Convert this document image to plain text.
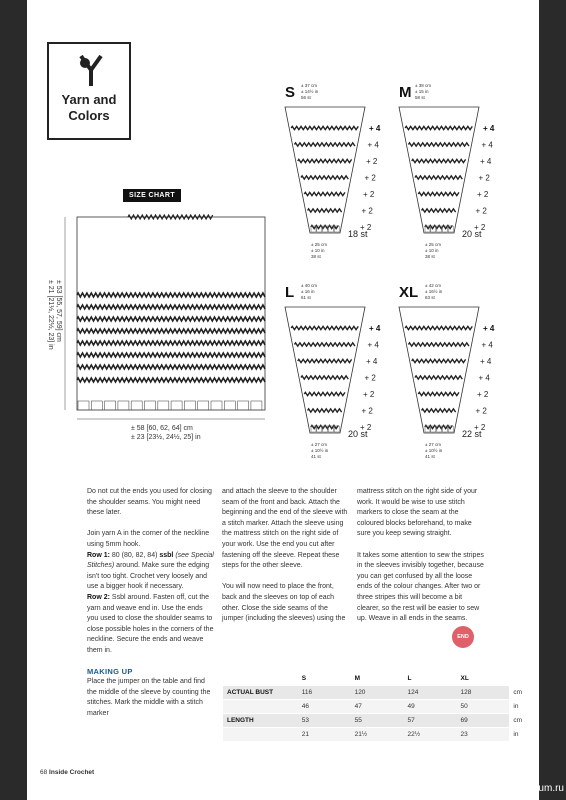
Yarn and
Colors
SIZE CHART
± 58 [60, 62, 64] cm
± 23 [23½, 24½, 25] in
± 53 [55, 57, 59] cm
± 21 [21½, 22½, 23] in
S ± 37 cm
± 14½ in
56 st
+ 4
+ 4
+ 2
+ 2
+ 2
+ 2
+ 2
18 st
± 25 cm
± 10 in
38 st
M ± 38 cm
± 15 in
58 st
+ 4
+ 4
+ 4
+ 2
+ 2
+ 2
+ 2
20 st
± 25 cm
± 10 in
38 st
L ± 40 cm
± 16 in
61 st
+ 4
+ 4
+ 4
+ 2
+ 2
+ 2
+ 2
20 st
± 27 cm
± 10½ in
41 st
XL ± 42 cm
± 16½ in
63 st
+ 4
+ 4
+ 4
+ 4
+ 2
+ 2
+ 2
22 st
± 27 cm
± 10½ in
41 st

Do not cut the ends you used for closing the shoulder seams. You might need these later.

Join yarn A in the corner of the neckline using 5mm hook.
Row 1: 80 (80, 82, 84) ssbl (see Special Stitches) around. Make sure the edging isn't too tight. Crochet very loosely and use a bigger hook if necessary.
Row 2: Ssbl around. Fasten off, cut the yarn and weave end in. Use the ends you used to close the shoulder seams to close possible holes in the corners of the neckline. Secure the ends and weave them in.

MAKING UP

Place the jumper on the table and find the middle of the sleeve by counting the stitches. Mark the middle with a stitch marker

and attach the sleeve to the shoulder seam of the front and back. Attach the beginning and the end of the sleeve with a stitch marker. Attach the sleeve using the mattress stitch on the right side of your work. Use the end you cut after fastening off the sleeve. Repeat these steps for the other sleeve.

You will now need to place the front, back and the sleeves on top of each other. Close the side seams of the jumper (including the sleeves) using the

mattress stitch on the right side of your work. It would be wise to use stitch markers to close the seam at the coloured blocks beforehand, to make sure you keep sewing straight.

It takes some attention to sew the stripes in the sleeves invisibly together, because you can get confused by all the loose ends of the colour changes. After two or three stripes this will become a bit clearer, so the rest will be easier to sew up. Weave in all ends in the seams.

END
	S	M	L	XL	
ACTUAL BUST	116	120	124	128	cm
	46	47	49	50	in
LENGTH	53	55	57	69	cm
	21	21½	22½	23	in
68 Inside Crochet
PassionForum.ru
